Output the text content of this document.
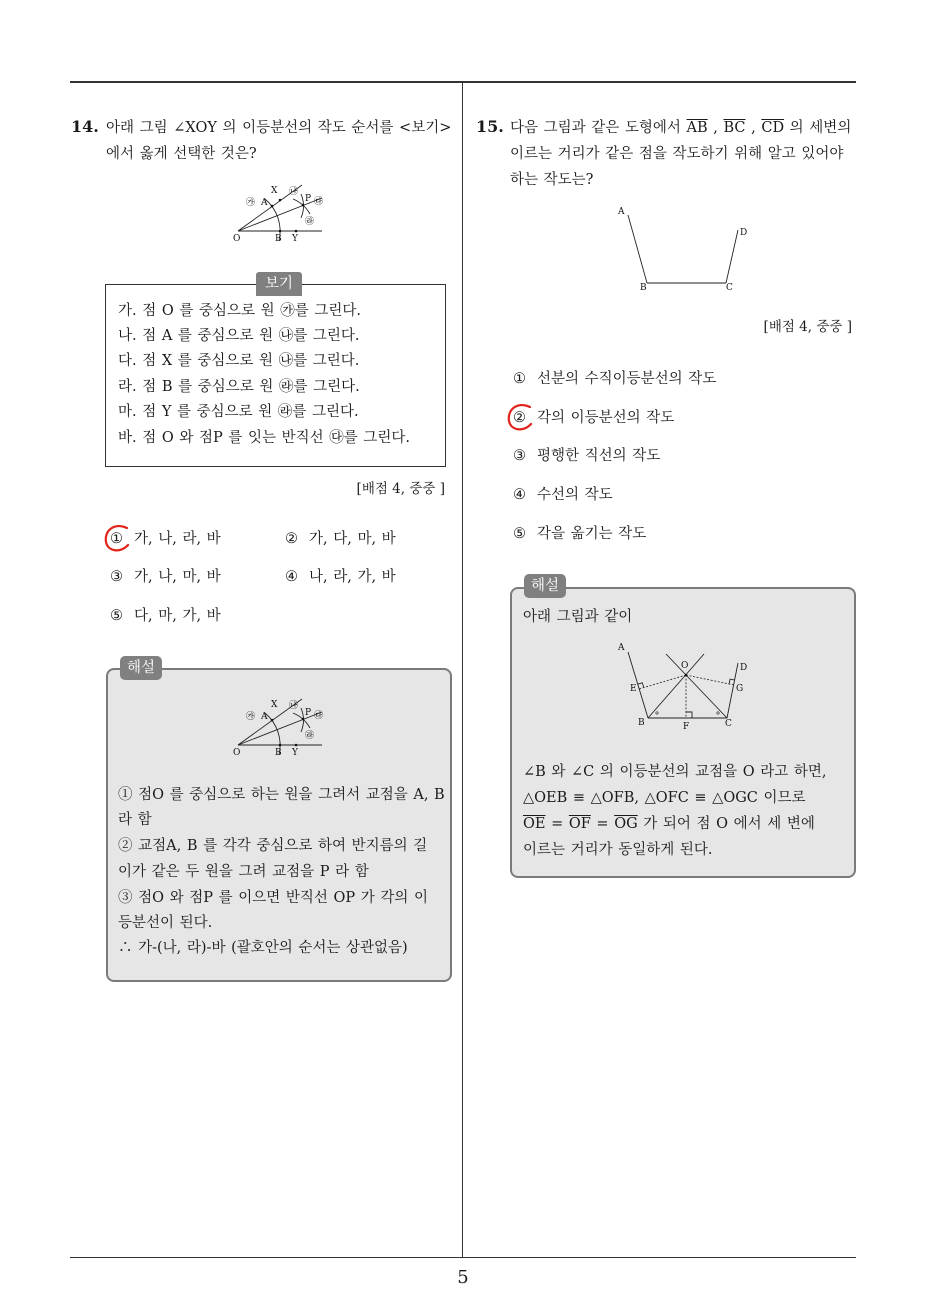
5
14. 아래 그림 ∠XOY 의 이등분선의 작도 순서를 <보기>
에서 옳게 선택한 것은?
X
A	P
O	B Y
㉮
㉯
㉰
㉱
보기
가. 점 O 를 중심으로 원 ㉮를 그린다.
나. 점 A 를 중심으로 원 ㉯를 그린다.
다. 점 X 를 중심으로 원 ㉯를 그린다.
라. 점 B 를 중심으로 원 ㉱를 그린다.
마. 점 Y 를 중심으로 원 ㉱를 그린다.
바. 점 O 와 점P 를 잇는 반직선 ㉰를 그린다.
[배점 4, 중중 ]
① 가, 나, 라, 바	② 가, 다, 마, 바
③ 가, 나, 마, 바	④ 나, 라, 가, 바
⑤ 다, 마, 가, 바
해설
X
A	P
O	B Y
㉮
㉯
㉰
㉱
① 점O 를 중심으로 하는 원을 그려서 교점을 A, B
라 함
② 교점A, B 를 각각 중심으로 하여 반지름의 길
이가 같은 두 원을 그려 교점을 P 라 함
③ 점O 와 점P 를 이으면 반직선 OP 가 각의 이
등분선이 된다.
∴ 가-(나, 라)-바 (괄호안의 순서는 상관없음)
15. 다음 그림과 같은 도형에서 $\overline{AB}$ , $\overline{BC}$ , $\overline{CD}$ 의 세변의
이르는 거리가 같은 점을 작도하기 위해 알고 있어야
하는 작도는?
A
B	C
D
[배점 4, 중중 ]
① 선분의 수직이등분선의 작도
② 각의 이등분선의 작도
③ 평행한 직선의 작도
④ 수선의 작도
⑤ 각을 옮기는 작도
해설
아래 그림과 같이
A
B	C
D
O
E
F
G
∠B 와 ∠C 의 이등분선의 교점을 O 라고 하면,
△OEB ≡ △OFB, △OFC ≡ △OGC 이므로
$\overline{OE} = \overline{OF} = \overline{OG}$ 가 되어 점 O 에서 세 변에
이르는 거리가 동일하게 된다.
